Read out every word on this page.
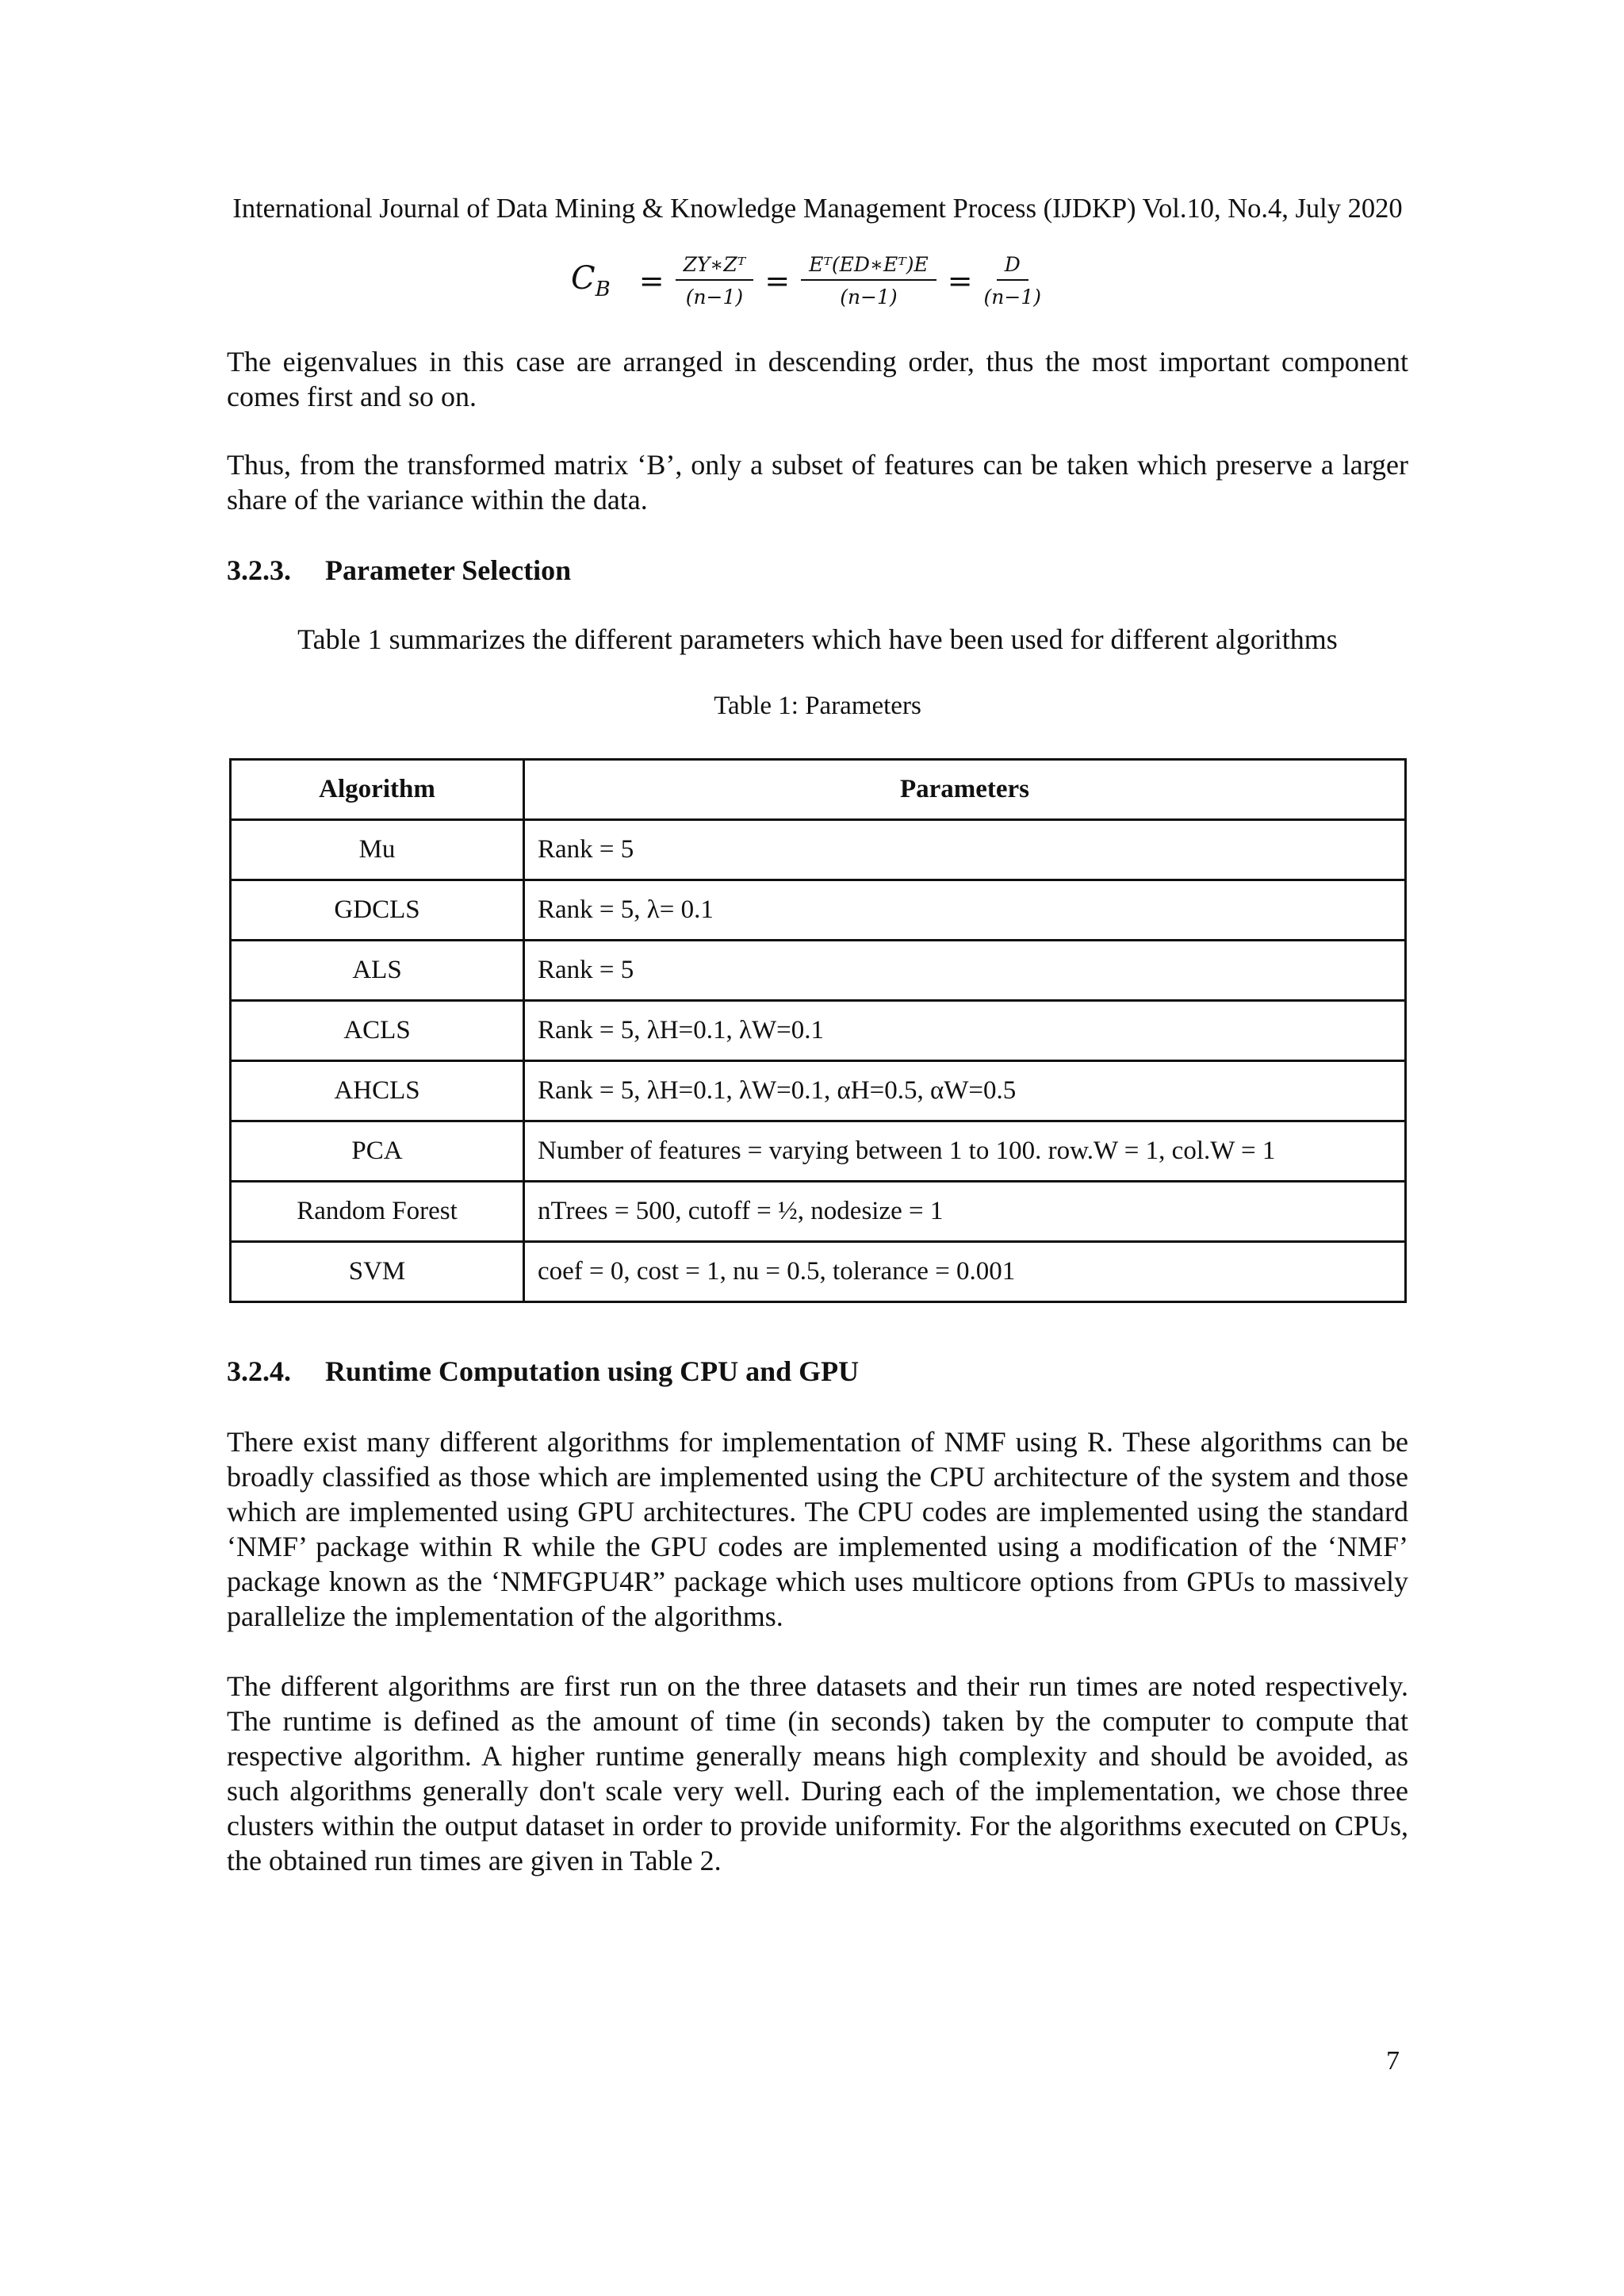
International Journal of Data Mining & Knowledge Management Process (IJDKP) Vol.10, No.4, July 2020
$C_B = \frac{\text{ZY∗Zᵀ}}{(n-1)} = \frac{\text{Eᵀ(ED∗Eᵀ)E}}{(n-1)} = \frac{D}{(n-1)}$

The eigenvalues in this case are arranged in descending order, thus the most important component comes first and so on.

Thus, from the transformed matrix ‘B’, only a subset of features can be taken which preserve a larger share of the variance within the data.

3.2.3. Parameter Selection
Table 1 summarizes the different parameters which have been used for different algorithms
Table 1: Parameters
Algorithm	Parameters
Mu	Rank = 5
GDCLS	Rank = 5, λ= 0.1
ALS	Rank = 5
ACLS	Rank = 5, λH=0.1, λW=0.1
AHCLS	Rank = 5, λH=0.1, λW=0.1, αH=0.5, αW=0.5
PCA	Number of features = varying between 1 to 100. row.W = 1, col.W = 1
Random Forest	nTrees = 500, cutoff = ½, nodesize = 1
SVM	coef = 0, cost = 1, nu = 0.5, tolerance = 0.001
3.2.4. Runtime Computation using CPU and GPU

There exist many different algorithms for implementation of NMF using R. These algorithms can be broadly classified as those which are implemented using the CPU architecture of the system and those which are implemented using GPU architectures. The CPU codes are implemented using the standard ‘NMF’ package within R while the GPU codes are implemented using a modification of the ‘NMF’ package known as the ‘NMFGPU4R” package which uses multicore options from GPUs to massively parallelize the implementation of the algorithms.

The different algorithms are first run on the three datasets and their run times are noted respectively. The runtime is defined as the amount of time (in seconds) taken by the computer to compute that respective algorithm. A higher runtime generally means high complexity and should be avoided, as such algorithms generally don't scale very well. During each of the implementation, we chose three clusters within the output dataset in order to provide uniformity. For the algorithms executed on CPUs, the obtained run times are given in Table 2.

7
